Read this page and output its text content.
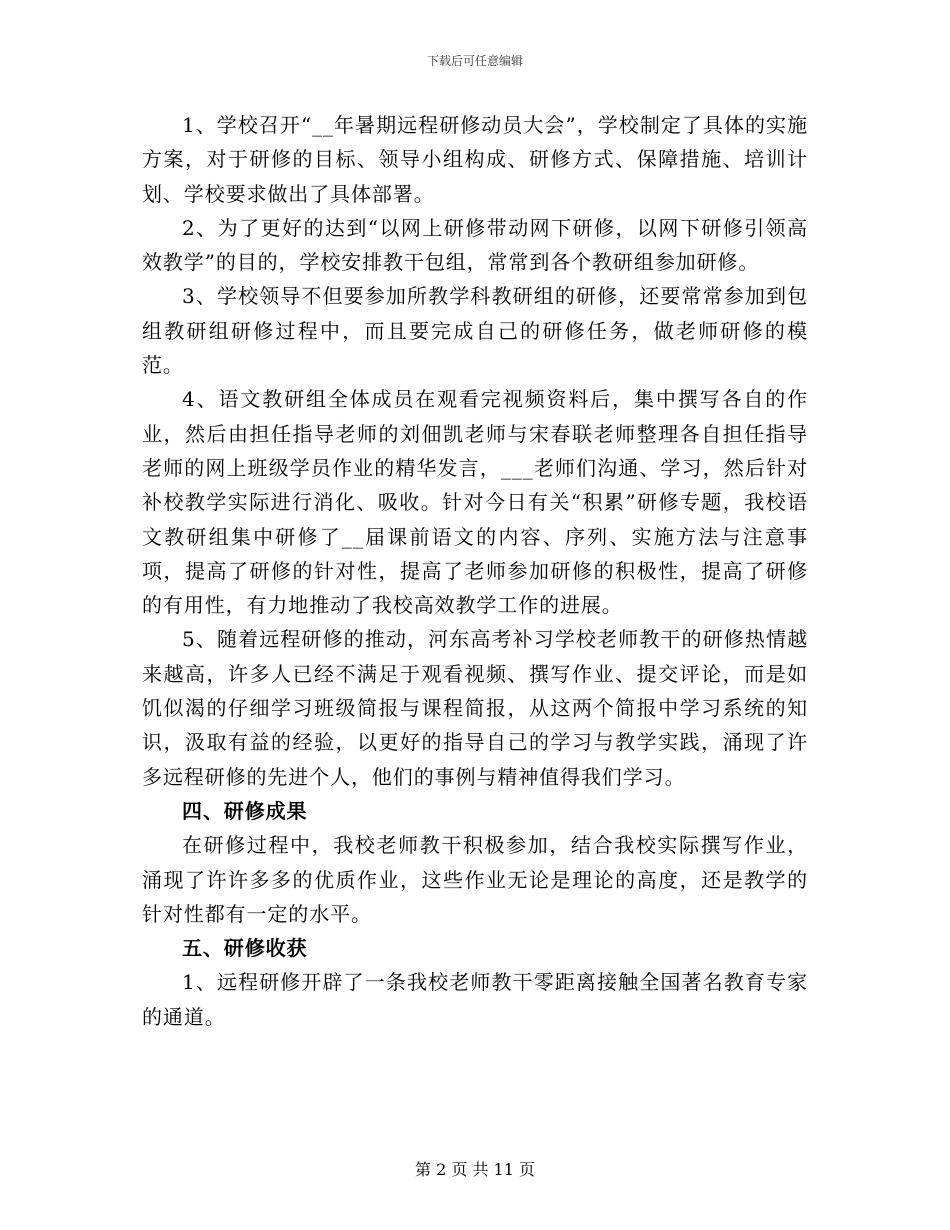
下载后可任意编辑

1、学校召开“__年暑期远程研修动员大会”，学校制定了具体的实施方案，对于研修的目标、领导小组构成、研修方式、保障措施、培训计划、学校要求做出了具体部署。

2、为了更好的达到“以网上研修带动网下研修，以网下研修引领高效教学”的目的，学校安排教干包组，常常到各个教研组参加研修。

3、学校领导不但要参加所教学科教研组的研修，还要常常参加到包组教研组研修过程中，而且要完成自己的研修任务，做老师研修的模范。

4、语文教研组全体成员在观看完视频资料后，集中撰写各自的作业，然后由担任指导老师的刘佃凯老师与宋春联老师整理各自担任指导老师的网上班级学员作业的精华发言，___老师们沟通、学习，然后针对补校教学实际进行消化、吸收。针对今日有关“积累”研修专题，我校语文教研组集中研修了__届课前语文的内容、序列、实施方法与注意事项，提高了研修的针对性，提高了老师参加研修的积极性，提高了研修的有用性，有力地推动了我校高效教学工作的进展。

5、随着远程研修的推动，河东高考补习学校老师教干的研修热情越来越高，许多人已经不满足于观看视频、撰写作业、提交评论，而是如饥似渴的仔细学习班级简报与课程简报，从这两个简报中学习系统的知识，汲取有益的经验，以更好的指导自己的学习与教学实践，涌现了许多远程研修的先进个人，他们的事例与精神值得我们学习。

四、研修成果

在研修过程中，我校老师教干积极参加，结合我校实际撰写作业，涌现了许许多多的优质作业，这些作业无论是理论的高度，还是教学的针对性都有一定的水平。

五、研修收获

1、远程研修开辟了一条我校老师教干零距离接触全国著名教育专家的通道。

第 2 页 共 11 页
